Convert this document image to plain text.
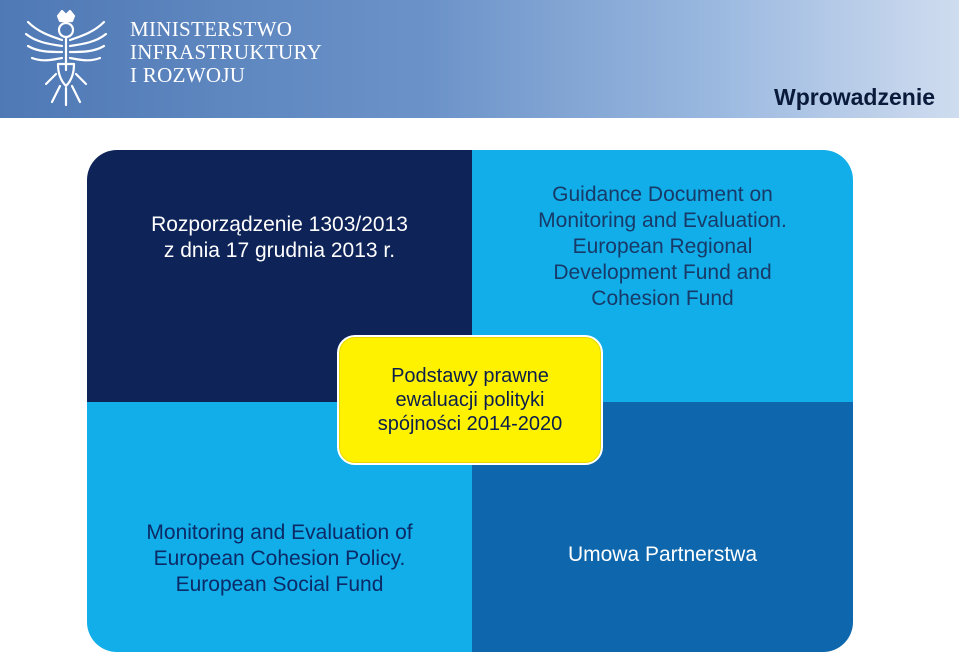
MINISTERSTWO
INFRASTRUKTURY
I ROZWOJU
Wprowadzenie
Rozporządzenie 1303/2013
z dnia 17 grudnia 2013 r.
Guidance Document on
Monitoring and Evaluation.
European Regional
Development Fund and
Cohesion Fund
Monitoring and Evaluation of
European Cohesion Policy.
European Social Fund
Umowa Partnerstwa
Podstawy prawne
ewaluacji polityki
spójności 2014-2020
